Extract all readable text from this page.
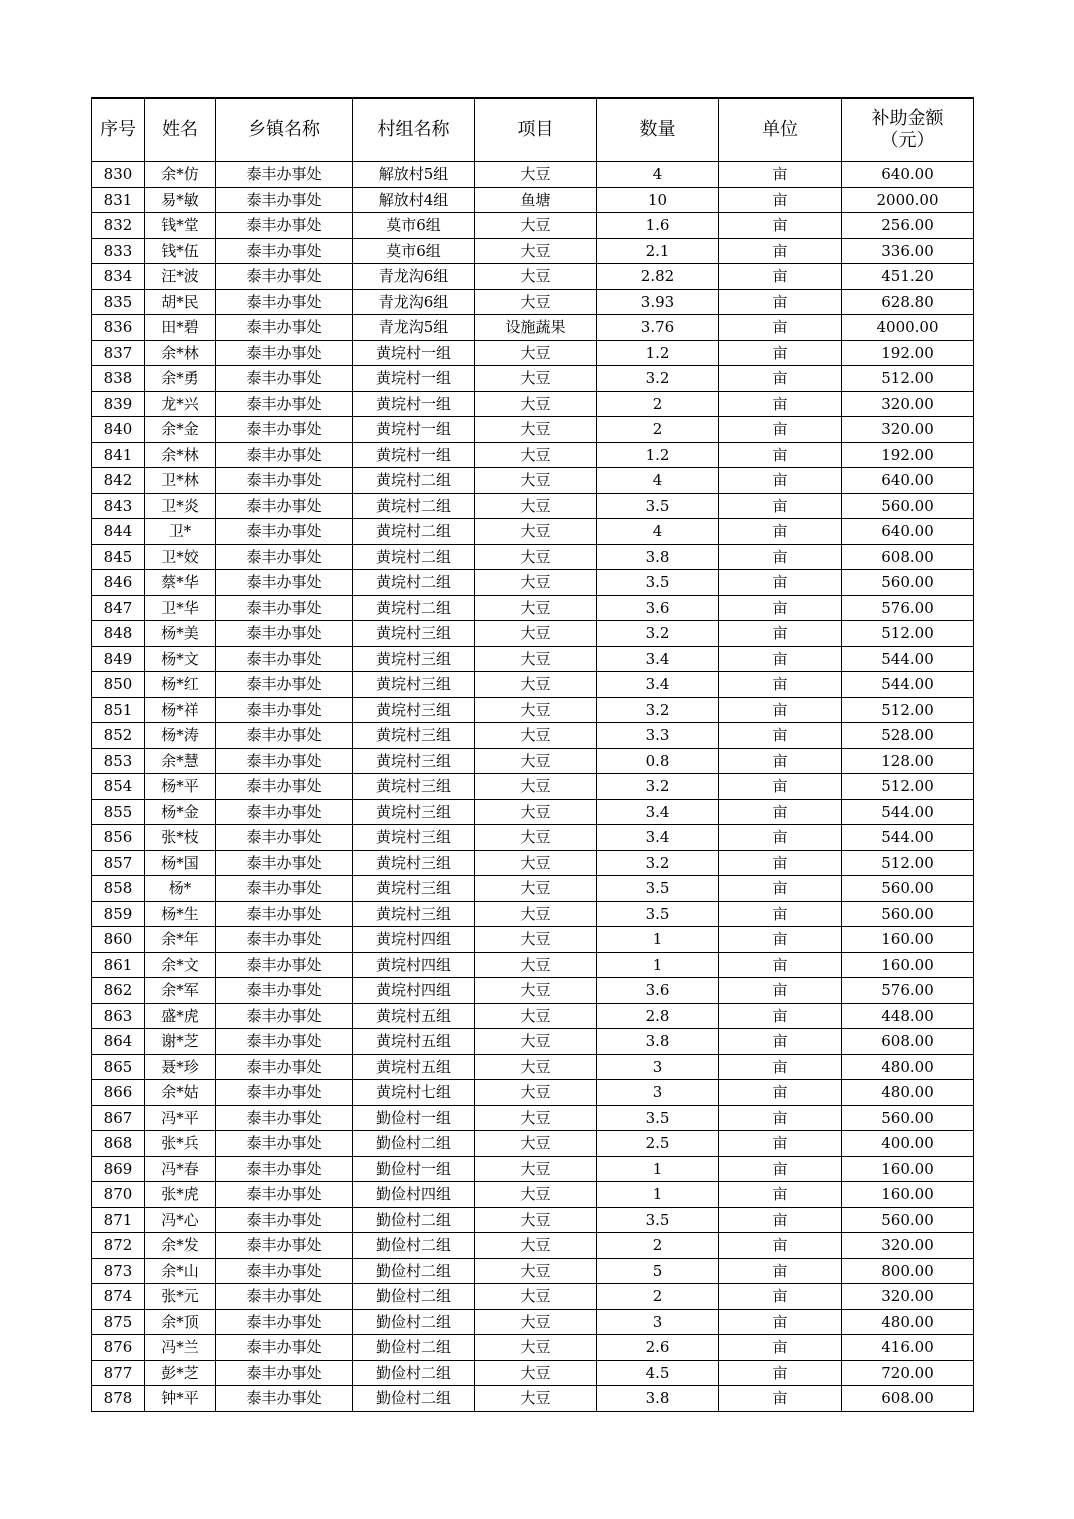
序号	姓名	乡镇名称	村组名称	项目	数量	单位	补助金额
（元）

830	余*仿	泰丰办事处	解放村5组	大豆	4	亩	640.00
831	易*敏	泰丰办事处	解放村4组	鱼塘	10	亩	2000.00
832	钱*堂	泰丰办事处	莫市6组	大豆	1.6	亩	256.00
833	钱*伍	泰丰办事处	莫市6组	大豆	2.1	亩	336.00
834	汪*波	泰丰办事处	青龙沟6组	大豆	2.82	亩	451.20
835	胡*民	泰丰办事处	青龙沟6组	大豆	3.93	亩	628.80
836	田*碧	泰丰办事处	青龙沟5组	设施蔬果	3.76	亩	4000.00
837	余*林	泰丰办事处	黄垸村一组	大豆	1.2	亩	192.00
838	余*勇	泰丰办事处	黄垸村一组	大豆	3.2	亩	512.00
839	龙*兴	泰丰办事处	黄垸村一组	大豆	2	亩	320.00
840	余*金	泰丰办事处	黄垸村一组	大豆	2	亩	320.00
841	余*林	泰丰办事处	黄垸村一组	大豆	1.2	亩	192.00
842	卫*林	泰丰办事处	黄垸村二组	大豆	4	亩	640.00
843	卫*炎	泰丰办事处	黄垸村二组	大豆	3.5	亩	560.00
844	卫*	泰丰办事处	黄垸村二组	大豆	4	亩	640.00
845	卫*姣	泰丰办事处	黄垸村二组	大豆	3.8	亩	608.00
846	蔡*华	泰丰办事处	黄垸村二组	大豆	3.5	亩	560.00
847	卫*华	泰丰办事处	黄垸村二组	大豆	3.6	亩	576.00
848	杨*美	泰丰办事处	黄垸村三组	大豆	3.2	亩	512.00
849	杨*文	泰丰办事处	黄垸村三组	大豆	3.4	亩	544.00
850	杨*红	泰丰办事处	黄垸村三组	大豆	3.4	亩	544.00
851	杨*祥	泰丰办事处	黄垸村三组	大豆	3.2	亩	512.00
852	杨*涛	泰丰办事处	黄垸村三组	大豆	3.3	亩	528.00
853	余*慧	泰丰办事处	黄垸村三组	大豆	0.8	亩	128.00
854	杨*平	泰丰办事处	黄垸村三组	大豆	3.2	亩	512.00
855	杨*金	泰丰办事处	黄垸村三组	大豆	3.4	亩	544.00
856	张*枝	泰丰办事处	黄垸村三组	大豆	3.4	亩	544.00
857	杨*国	泰丰办事处	黄垸村三组	大豆	3.2	亩	512.00
858	杨*	泰丰办事处	黄垸村三组	大豆	3.5	亩	560.00
859	杨*生	泰丰办事处	黄垸村三组	大豆	3.5	亩	560.00
860	余*年	泰丰办事处	黄垸村四组	大豆	1	亩	160.00
861	余*文	泰丰办事处	黄垸村四组	大豆	1	亩	160.00
862	余*军	泰丰办事处	黄垸村四组	大豆	3.6	亩	576.00
863	盛*虎	泰丰办事处	黄垸村五组	大豆	2.8	亩	448.00
864	谢*芝	泰丰办事处	黄垸村五组	大豆	3.8	亩	608.00
865	聂*珍	泰丰办事处	黄垸村五组	大豆	3	亩	480.00
866	余*姑	泰丰办事处	黄垸村七组	大豆	3	亩	480.00
867	冯*平	泰丰办事处	勤俭村一组	大豆	3.5	亩	560.00
868	张*兵	泰丰办事处	勤俭村二组	大豆	2.5	亩	400.00
869	冯*春	泰丰办事处	勤俭村一组	大豆	1	亩	160.00
870	张*虎	泰丰办事处	勤俭村四组	大豆	1	亩	160.00
871	冯*心	泰丰办事处	勤俭村二组	大豆	3.5	亩	560.00
872	余*发	泰丰办事处	勤俭村二组	大豆	2	亩	320.00
873	余*山	泰丰办事处	勤俭村二组	大豆	5	亩	800.00
874	张*元	泰丰办事处	勤俭村二组	大豆	2	亩	320.00
875	余*顶	泰丰办事处	勤俭村二组	大豆	3	亩	480.00
876	冯*兰	泰丰办事处	勤俭村二组	大豆	2.6	亩	416.00
877	彭*芝	泰丰办事处	勤俭村二组	大豆	4.5	亩	720.00
878	钟*平	泰丰办事处	勤俭村二组	大豆	3.8	亩	608.00
